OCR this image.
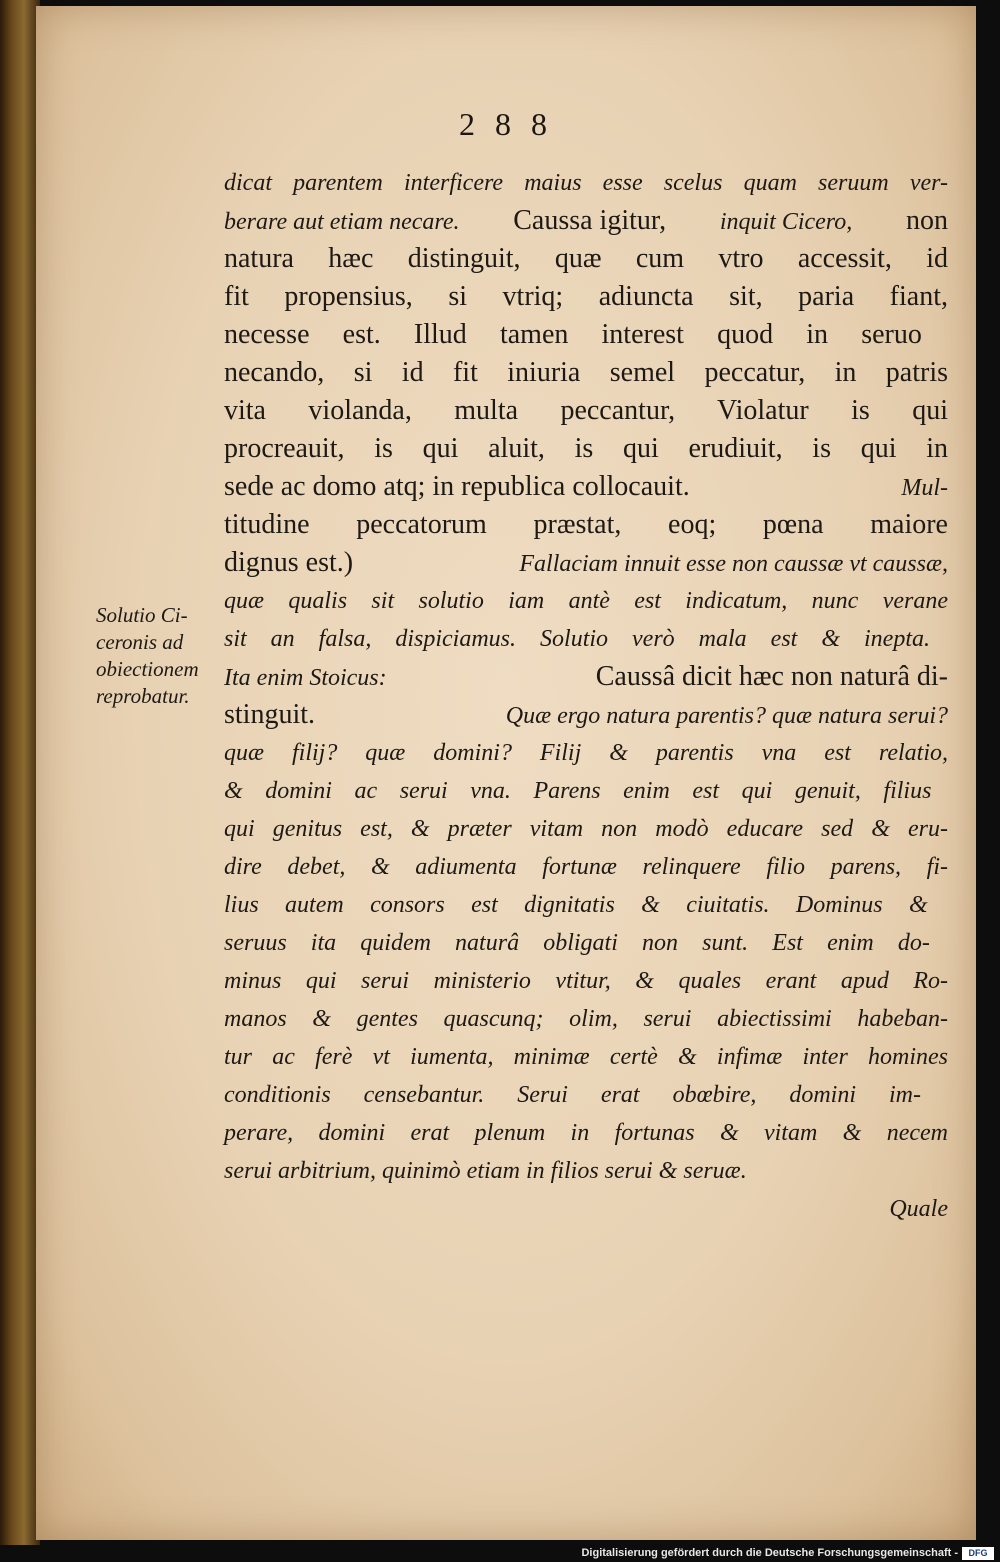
2 8 8
Solutio Ci-
ceronis ad
obiectionem
reprobatur.
dicat parentem interficere maius esse scelus quam seruum ver-
berare aut etiam necare. Caussa igitur, inquit Cicero, non
natura hæc distinguit, quæ cum vtro accessit, id
fit propensius, si vtriq; adiuncta sit, paria fiant,
necesse est. Illud tamen interest quod in seruo
necando, si id fit iniuria semel peccatur, in patris
vita violanda, multa peccantur, Violatur is qui
procreauit, is qui aluit, is qui erudiuit, is qui in
sede ac domo atq; in republica collocauit.	Mul-
titudine peccatorum præstat, eoq; pœna maiore
dignus est.)	Fallaciam innuit esse non caussæ vt caussæ,
quæ qualis sit solutio iam antè est indicatum, nunc verane
sit an falsa, dispiciamus. Solutio verò mala est & inepta.
Ita enim Stoicus:	Caussâ dicit hæc non naturâ di-
stinguit.	Quæ ergo natura parentis? quæ natura serui?
quæ filij? quæ domini? Filij & parentis vna est relatio,
& domini ac serui vna. Parens enim est qui genuit, filius
qui genitus est, & præter vitam non modò educare sed & eru-
dire debet, & adiumenta fortunæ relinquere filio parens, fi-
lius autem consors est dignitatis & ciuitatis. Dominus &
seruus ita quidem naturâ obligati non sunt. Est enim do-
minus qui serui ministerio vtitur, & quales erant apud Ro-
manos & gentes quascunq; olim, serui abiectissimi habeban-
tur ac ferè vt iumenta, minimæ certè & infimæ inter homines
conditionis censebantur. Serui erat obœbire, domini im-
perare, domini erat plenum in fortunas & vitam & necem
serui arbitrium, quinimò etiam in filios serui & seruæ.
Quale
Digitalisierung gefördert durch die Deutsche Forschungsgemeinschaft -	DFG
